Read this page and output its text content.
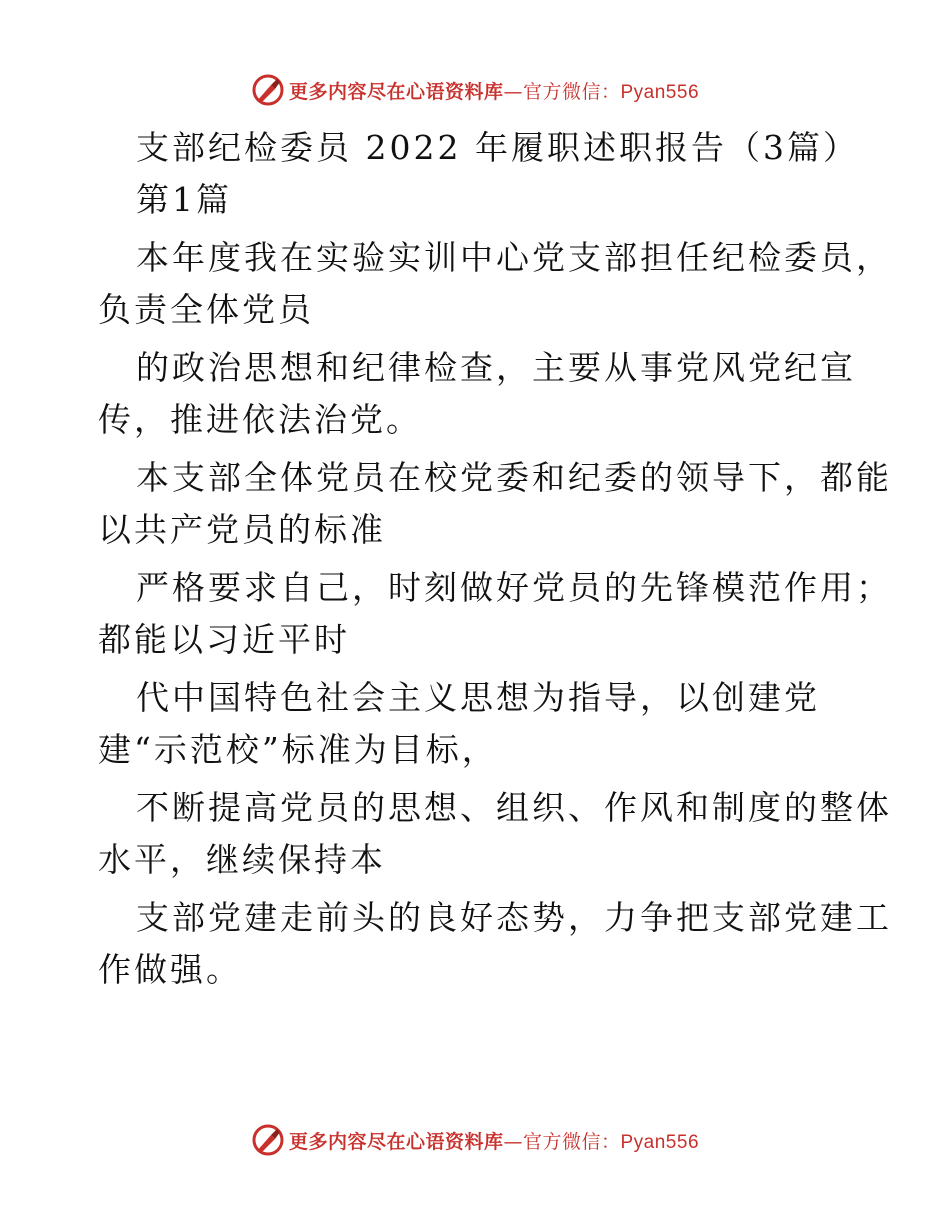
更多内容尽在心语资料库—官方微信：Pyan556
支部纪检委员 2022 年履职述职报告（3篇）
第1篇
本年度我在实验实训中心党支部担任纪检委员，
负责全体党员
的政治思想和纪律检查，主要从事党风党纪宣
传，推进依法治党。
本支部全体党员在校党委和纪委的领导下，都能
以共产党员的标准
严格要求自己，时刻做好党员的先锋模范作用；
都能以习近平时
代中国特色社会主义思想为指导，以创建党
建“示范校”标准为目标，
不断提高党员的思想、组织、作风和制度的整体
水平，继续保持本
支部党建走前头的良好态势，力争把支部党建工
作做强。
更多内容尽在心语资料库—官方微信：Pyan556
